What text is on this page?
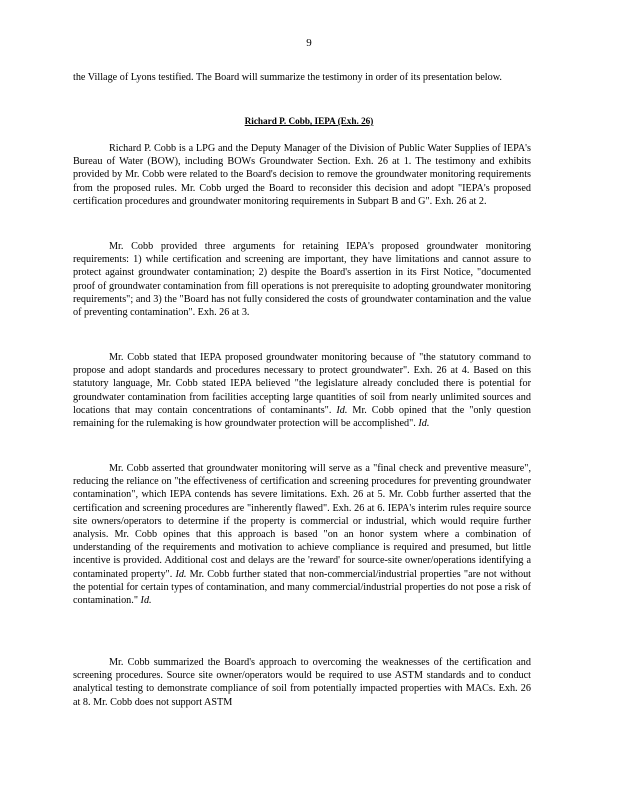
9
the Village of Lyons testified. The Board will summarize the testimony in order of its presentation below.
Richard P. Cobb, IEPA (Exh. 26)
Richard P. Cobb is a LPG and the Deputy Manager of the Division of Public Water Supplies of IEPA's Bureau of Water (BOW), including BOWs Groundwater Section. Exh. 26 at 1. The testimony and exhibits provided by Mr. Cobb were related to the Board's decision to remove the groundwater monitoring requirements from the proposed rules. Mr. Cobb urged the Board to reconsider this decision and adopt "IEPA's proposed certification procedures and groundwater monitoring requirements in Subpart B and G". Exh. 26 at 2.
Mr. Cobb provided three arguments for retaining IEPA's proposed groundwater monitoring requirements: 1) while certification and screening are important, they have limitations and cannot assure to protect against groundwater contamination; 2) despite the Board's assertion in its First Notice, "documented proof of groundwater contamination from fill operations is not prerequisite to adopting groundwater monitoring requirements"; and 3) the "Board has not fully considered the costs of groundwater contamination and the value of preventing contamination". Exh. 26 at 3.
Mr. Cobb stated that IEPA proposed groundwater monitoring because of "the statutory command to propose and adopt standards and procedures necessary to protect groundwater". Exh. 26 at 4. Based on this statutory language, Mr. Cobb stated IEPA believed "the legislature already concluded there is potential for groundwater contamination from facilities accepting large quantities of soil from nearly unlimited sources and locations that may contain concentrations of contaminants". Id. Mr. Cobb opined that the "only question remaining for the rulemaking is how groundwater protection will be accomplished". Id.
Mr. Cobb asserted that groundwater monitoring will serve as a "final check and preventive measure", reducing the reliance on "the effectiveness of certification and screening procedures for preventing groundwater contamination", which IEPA contends has severe limitations. Exh. 26 at 5. Mr. Cobb further asserted that the certification and screening procedures are "inherently flawed". Exh. 26 at 6. IEPA's interim rules require source site owners/operators to determine if the property is commercial or industrial, which would require further analysis. Mr. Cobb opines that this approach is based "on an honor system where a combination of understanding of the requirements and motivation to achieve compliance is required and presumed, but little incentive is provided. Additional cost and delays are the 'reward' for source-site owner/operations identifying a contaminated property". Id. Mr. Cobb further stated that non-commercial/industrial properties "are not without the potential for certain types of contamination, and many commercial/industrial properties do not pose a risk of contamination." Id.
Mr. Cobb summarized the Board's approach to overcoming the weaknesses of the certification and screening procedures. Source site owner/operators would be required to use ASTM standards and to conduct analytical testing to demonstrate compliance of soil from potentially impacted properties with MACs. Exh. 26 at 8. Mr. Cobb does not support ASTM
